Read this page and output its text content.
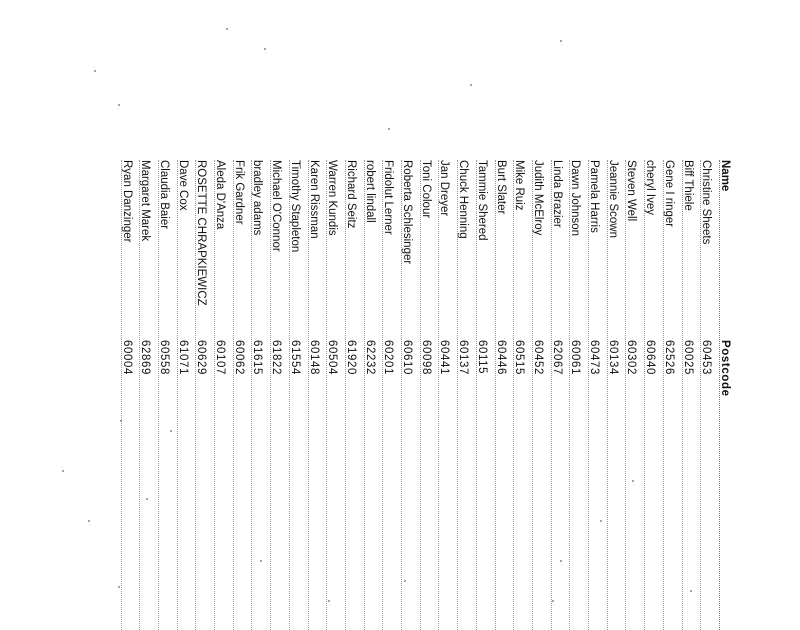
Name
Postcode
Christine Sheets
60453
Biff Thiele
60025
Gene I ringer
62526
cheryl Ivey
60640
Steven Well
60302
Jeannie Scown
60134
Pamela Harris
60473
Dawn Johnson
60061
Linda Brazier
62067
Judith McElroy
60452
Mike Ruiz
60515
Burt Slater
60446
Tammie Shered
60115
Chuck Henning
60137
Jan Dreyer
60441
Toni Colour
60098
Roberta Schlesinger
60610
Fridolut Lerner
60201
robert lindall
62232
Richard Seitz
61920
Warren Kundis
60504
Karen Rissman
60148
Timothy Stapleton
61554
Michael O'Connor
61822
bradley adams
61615
Frik Gardner
60062
Aleda D'Anza
60107
ROSETTE CHRAPKIEWICZ
60629
Dave Cox
61071
Claudia Baier
60558
Margaret Marek
62869
Ryan Danzinger
60004
